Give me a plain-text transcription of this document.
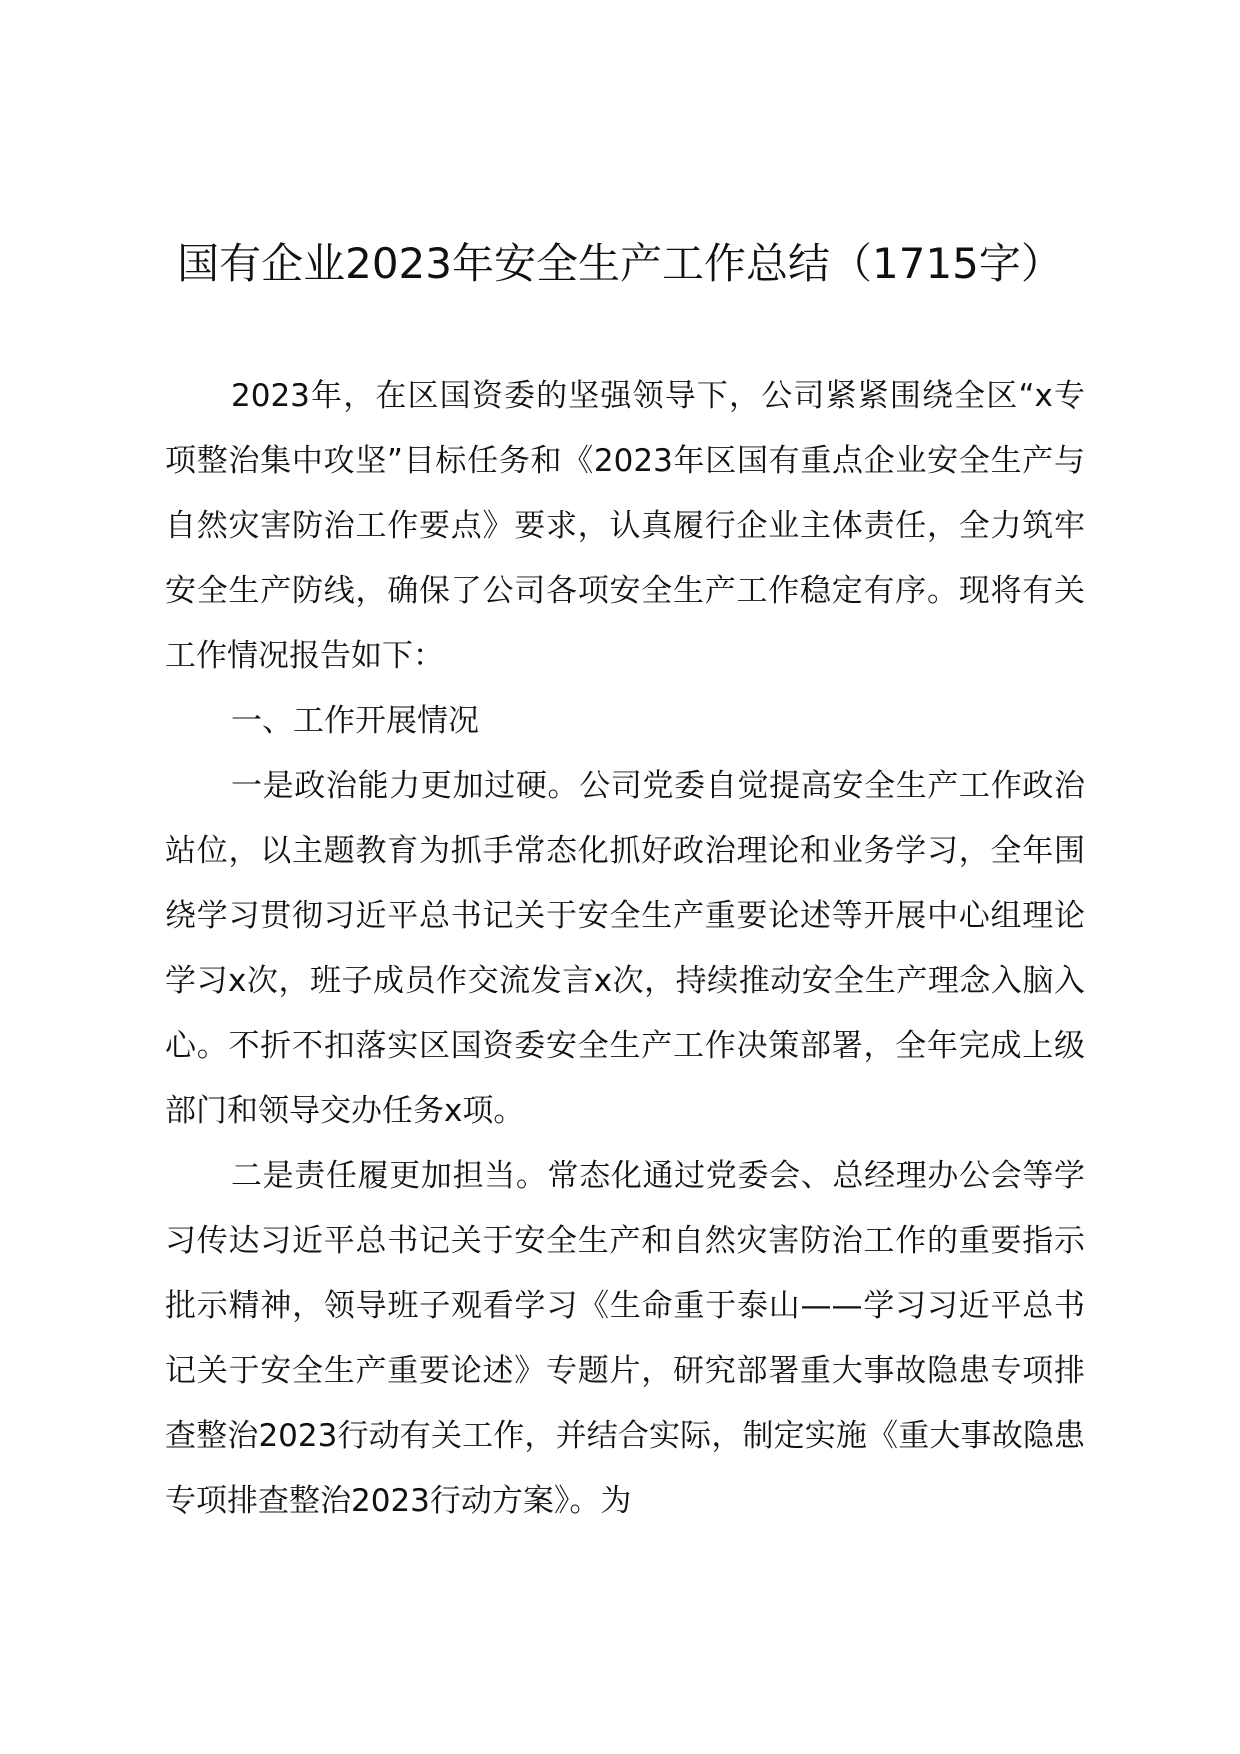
国有企业2023年安全生产工作总结（1715字）

2023年，在区国资委的坚强领导下，公司紧紧围绕全区“x专项整治集中攻坚”目标任务和《2023年区国有重点企业安全生产与自然灾害防治工作要点》要求，认真履行企业主体责任，全力筑牢安全生产防线，确保了公司各项安全生产工作稳定有序。现将有关工作情况报告如下：

一、工作开展情况

一是政治能力更加过硬。公司党委自觉提高安全生产工作政治站位，以主题教育为抓手常态化抓好政治理论和业务学习，全年围绕学习贯彻习近平总书记关于安全生产重要论述等开展中心组理论学习x次，班子成员作交流发言x次，持续推动安全生产理念入脑入心。不折不扣落实区国资委安全生产工作决策部署，全年完成上级部门和领导交办任务x项。

二是责任履更加担当。常态化通过党委会、总经理办公会等学习传达习近平总书记关于安全生产和自然灾害防治工作的重要指示批示精神，领导班子观看学习《生命重于泰山——学习习近平总书记关于安全生产重要论述》专题片，研究部署重大事故隐患专项排查整治2023行动有关工作，并结合实际，制定实施《重大事故隐患专项排查整治2023行动方案》。为
